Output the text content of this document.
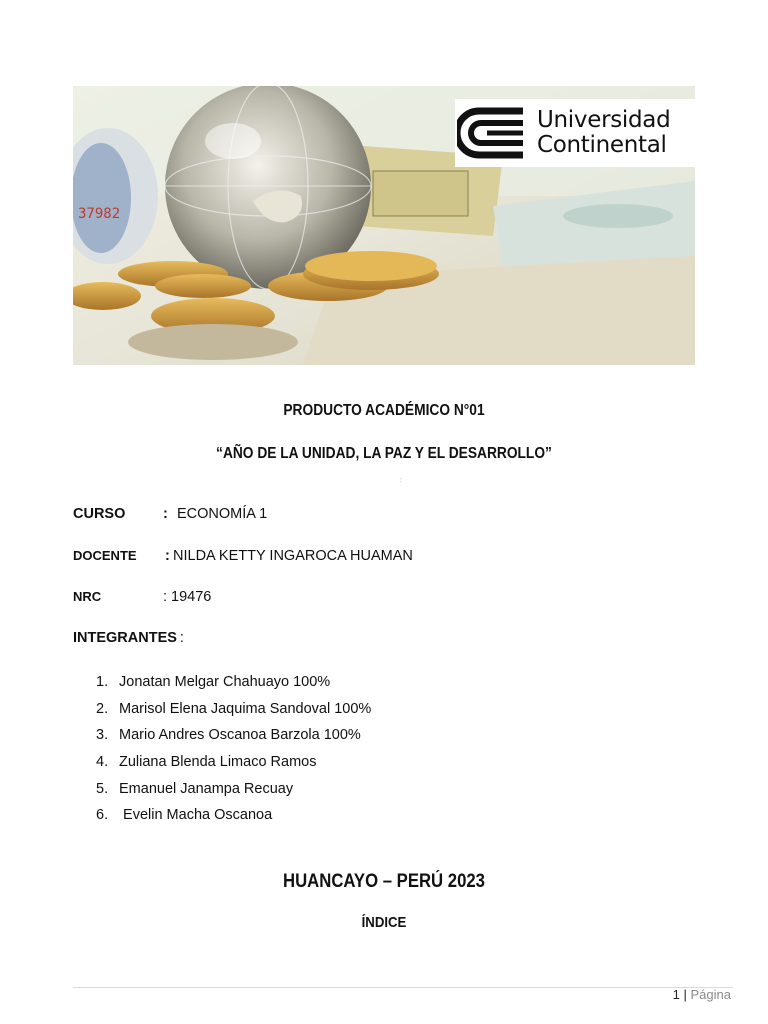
37982
Universidad
Continental
PRODUCTO ACADÉMICO N°01
“AÑO DE LA UNIDAD, LA PAZ Y EL DESARROLLO”
:
CURSO	: ECONOMÍA 1
DOCENTE : NILDA KETTY INGAROCA HUAMAN
NRC	: 19476
INTEGRANTES :
1. Jonatan Melgar Chahuayo 100%
2. Marisol Elena Jaquima Sandoval 100%
3. Mario Andres Oscanoa Barzola 100%
4. Zuliana Blenda Limaco Ramos
5. Emanuel Janampa Recuay
6. Evelin Macha Oscanoa
HUANCAYO – PERÚ 2023
ÍNDICE
1 | Página
